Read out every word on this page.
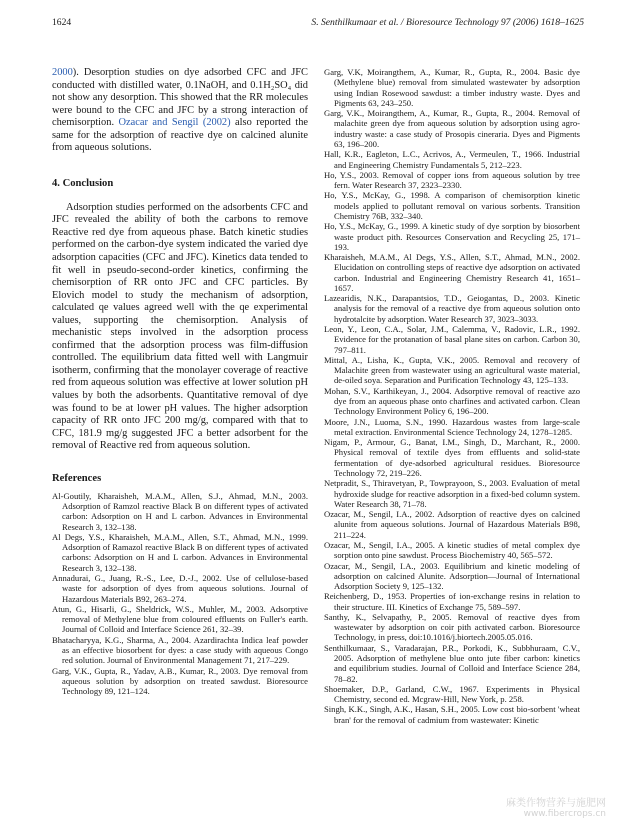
1624	S. Senthilkumaar et al. / Bioresource Technology 97 (2006) 1618–1625

2000). Desorption studies on dye adsorbed CFC and JFC conducted with distilled water, 0.1NaOH, and 0.1H₂SO₄ did not show any desorption. This showed that the RR molecules were bound to the CFC and JFC by a strong interaction of chemisorption. Ozacar and Sengil (2002) also reported the same for the adsorption of reactive dye on calcined alunite from aqueous solutions.

4. Conclusion

Adsorption studies performed on the adsorbents CFC and JFC revealed the ability of both the carbons to remove Reactive red dye from aqueous phase. Batch kinetic studies performed on the carbon-dye system indicated the varied dye adsorption capacities (CFC and JFC). Kinetics data tended to fit well in pseudo-second-order kinetics, confirming the chemisorption of RR onto JFC and CFC particles. By Elovich model to study the mechanism of adsorption, calculated qe values agreed well with the qe experimental values, supporting the chemisorption. Analysis of mechanistic steps involved in the adsorption process confirmed that the adsorption process was film-diffusion controlled. The equilibrium data fitted well with Langmuir isotherm, confirming that the monolayer coverage of reactive red from aqueous solution was effective at lower solution pH values by both the adsorbents. Quantitative removal of dye was found to be at lower pH values. The higher adsorption capacity of RR onto JFC 200 mg/g, compared with that to CFC, 181.9 mg/g suggested JFC a better adsorbent for the removal of Reactive red from aqueous solution.

References

Al-Goutily, Kharaisheh, M.A.M., Allen, S.J., Ahmad, M.N., 2003. Adsorption of Ramzol reactive Black B on different types of activated carbon: Adsorption on H and L carbon. Advances in Environmental Research 3, 132–138.

Al Degs, Y.S., Kharaisheh, M.A.M., Allen, S.T., Ahmad, M.N., 1999. Adsorption of Ramazol reactive Black B on different types of activated carbons: Adsorption on H and L carbon. Advances in Environmental Research 3, 132–138.

Annadurai, G., Juang, R.-S., Lee, D.-J., 2002. Use of cellulose-based waste for adsorption of dyes from aqueous solutions. Journal of Hazardous Materials B92, 263–274.

Atun, G., Hisarli, G., Sheldrick, W.S., Muhler, M., 2003. Adsorptive removal of Methylene blue from coloured effluents on Fuller's earth. Journal of Colloid and Interface Science 261, 32–39.

Bhatacharyya, K.G., Sharma, A., 2004. Azardirachta Indica leaf powder as an effective biosorbent for dyes: a case study with aqueous Congo red solution. Journal of Environmental Management 71, 217–229.

Garg, V.K., Gupta, R., Yadav, A.B., Kumar, R., 2003. Dye removal from aqueous solution by adsorption on treated sawdust. Bioresource Technology 89, 121–124.

Garg, V.K, Moirangthem, A., Kumar, R., Gupta, R., 2004. Basic dye (Methylene blue) removal from simulated wastewater by adsorption using Indian Rosewood sawdust: a timber industry waste. Dyes and Pigments 63, 243–250.

Garg, V.K., Moirangthem, A., Kumar, R., Gupta, R., 2004. Removal of malachite green dye from aqueous solution by adsorption using agro-industry waste: a case study of Prosopis cineraria. Dyes and Pigments 63, 196–200.

Hall, K.R., Eagleton, L.C., Acrivos, A., Vermeulen, T., 1966. Industrial and Engineering Chemistry Fundamentals 5, 212–223.

Ho, Y.S., 2003. Removal of copper ions from aqueous solution by tree fern. Water Research 37, 2323–2330.

Ho, Y.S., McKay, G., 1998. A comparison of chemisorption kinetic models applied to pollutant removal on various sorbents. Transition Chemistry 76B, 332–340.

Ho, Y.S., McKay, G., 1999. A kinetic study of dye sorption by biosorbent waste product pith. Resources Conservation and Recycling 25, 171–193.

Kharaisheh, M.A.M., Al Degs, Y.S., Allen, S.T., Ahmad, M.N., 2002. Elucidation on controlling steps of reactive dye adsorption on activated carbon. Industrial and Engineering Chemistry Research 41, 1651–1657.

Lazearidis, N.K., Darapantsios, T.D., Geiogantas, D., 2003. Kinetic analysis for the removal of a reactive dye from aqueous solution onto hydrotalcite by adsorption. Water Research 37, 3023–3033.

Leon, Y., Leon, C.A., Solar, J.M., Calemma, V., Radovic, L.R., 1992. Evidence for the protanation of basal plane sites on carbon. Carbon 30, 797–811.

Mittal, A., Lisha, K., Gupta, V.K., 2005. Removal and recovery of Malachite green from wastewater using an agricultural waste material, de-oiled soya. Separation and Purification Technology 43, 125–133.

Mohan, S.V., Karthikeyan, J., 2004. Adsorptive removal of reactive azo dye from an aqueous phase onto charfines and activated carbon. Clean Technology Environment Policy 6, 196–200.

Moore, J.N., Luoma, S.N., 1990. Hazardous wastes from large-scale metal extraction. Environmental Science Technology 24, 1278–1285.

Nigam, P., Armour, G., Banat, I.M., Singh, D., Marchant, R., 2000. Physical removal of textile dyes from effluents and solid-state fermentation of dye-adsorbed agricultural residues. Bioresource Technology 72, 219–226.

Netpradit, S., Thiravetyan, P., Towprayoon, S., 2003. Evaluation of metal hydroxide sludge for reactive adsorption in a fixed-bed column system. Water Research 38, 71–78.

Ozacar, M., Sengil, I.A., 2002. Adsorption of reactive dyes on calcined alunite from aqueous solutions. Journal of Hazardous Materials B98, 211–224.

Ozacar, M., Sengil, I.A., 2005. A kinetic studies of metal complex dye sorption onto pine sawdust. Process Biochemistry 40, 565–572.

Ozacar, M., Sengil, I.A., 2003. Equilibrium and kinetic modeling of adsorption on calcined Alunite. Adsorption—Journal of International Adsorption Society 9, 125–132.

Reichenberg, D., 1953. Properties of ion-exchange resins in relation to their structure. III. Kinetics of Exchange 75, 589–597.

Santhy, K., Selvapathy, P., 2005. Removal of reactive dyes from wastewater by adsorption on coir pith activated carbon. Bioresource Technology, in press, doi:10.1016/j.biortech.2005.05.016.

Senthilkumaar, S., Varadarajan, P.R., Porkodi, K., Subbhuraam, C.V., 2005. Adsorption of methylene blue onto jute fiber carbon: kinetics and equilibrium studies. Journal of Colloid and Interface Science 284, 78–82.

Shoemaker, D.P., Garland, C.W., 1967. Experiments in Physical Chemistry, second ed. Mcgraw-Hill, New York, p. 258.

Singh, K.K., Singh, A.K., Hasan, S.H., 2005. Low cost bio-sorbent 'wheat bran' for the removal of cadmium from wastewater: Kinetic

麻类作物营养与施肥网
www.fibercrops.cn
